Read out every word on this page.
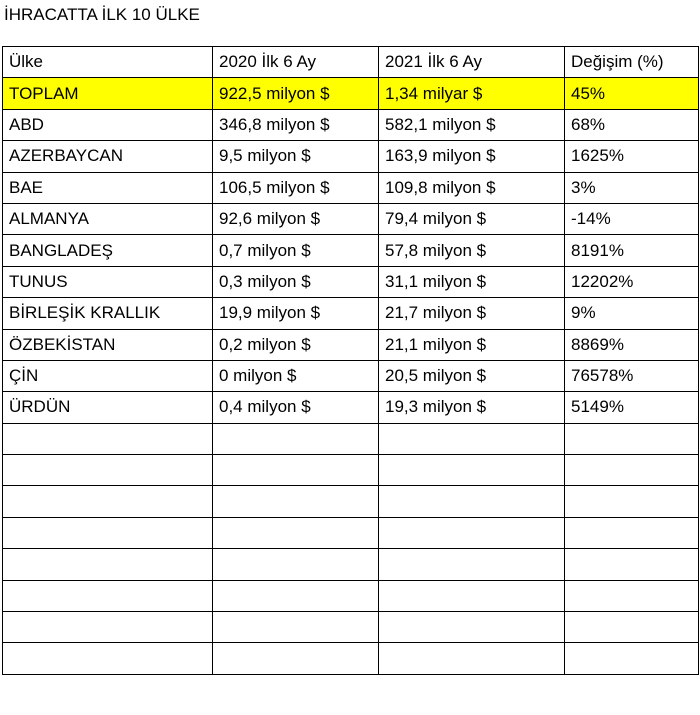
İHRACATTA İLK 10 ÜLKE
Ülke	2020 İlk 6 Ay	2021 İlk 6 Ay	Değişim (%)
TOPLAM	922,5 milyon $	1,34 milyar $	45%
ABD	346,8 milyon $	582,1 milyon $	68%
AZERBAYCAN	9,5 milyon $	163,9 milyon $	1625%
BAE	106,5 milyon $	109,8 milyon $	3%
ALMANYA	92,6 milyon $	79,4 milyon $	-14%
BANGLADEŞ	0,7 milyon $	57,8 milyon $	8191%
TUNUS	0,3 milyon $	31,1 milyon $	12202%
BİRLEŞİK KRALLIK	19,9 milyon $	21,7 milyon $	9%
ÖZBEKİSTAN	0,2 milyon $	21,1 milyon $	8869%
ÇİN	0 milyon $	20,5 milyon $	76578%
ÜRDÜN	0,4 milyon $	19,3 milyon $	5149%
